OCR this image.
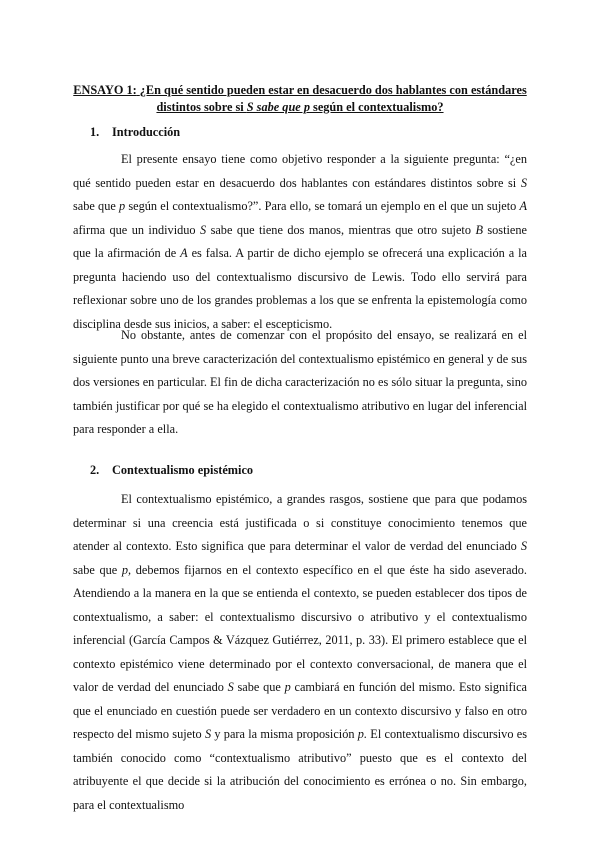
ENSAYO 1: ¿En qué sentido pueden estar en desacuerdo dos hablantes con estándares distintos sobre si S sabe que p según el contextualismo?
1. Introducción

El presente ensayo tiene como objetivo responder a la siguiente pregunta: “¿en qué sentido pueden estar en desacuerdo dos hablantes con estándares distintos sobre si S sabe que p según el contextualismo?”. Para ello, se tomará un ejemplo en el que un sujeto A afirma que un individuo S sabe que tiene dos manos, mientras que otro sujeto B sostiene que la afirmación de A es falsa. A partir de dicho ejemplo se ofrecerá una explicación a la pregunta haciendo uso del contextualismo discursivo de Lewis. Todo ello servirá para reflexionar sobre uno de los grandes problemas a los que se enfrenta la epistemología como disciplina desde sus inicios, a saber: el escepticismo.

No obstante, antes de comenzar con el propósito del ensayo, se realizará en el siguiente punto una breve caracterización del contextualismo epistémico en general y de sus dos versiones en particular. El fin de dicha caracterización no es sólo situar la pregunta, sino también justificar por qué se ha elegido el contextualismo atributivo en lugar del inferencial para responder a ella.

2. Contextualismo epistémico

El contextualismo epistémico, a grandes rasgos, sostiene que para que podamos determinar si una creencia está justificada o si constituye conocimiento tenemos que atender al contexto. Esto significa que para determinar el valor de verdad del enunciado S sabe que p, debemos fijarnos en el contexto específico en el que éste ha sido aseverado. Atendiendo a la manera en la que se entienda el contexto, se pueden establecer dos tipos de contextualismo, a saber: el contextualismo discursivo o atributivo y el contextualismo inferencial (García Campos & Vázquez Gutiérrez, 2011, p. 33). El primero establece que el contexto epistémico viene determinado por el contexto conversacional, de manera que el valor de verdad del enunciado S sabe que p cambiará en función del mismo. Esto significa que el enunciado en cuestión puede ser verdadero en un contexto discursivo y falso en otro respecto del mismo sujeto S y para la misma proposición p. El contextualismo discursivo es también conocido como “contextualismo atributivo” puesto que es el contexto del atribuyente el que decide si la atribución del conocimiento es errónea o no. Sin embargo, para el contextualismo
